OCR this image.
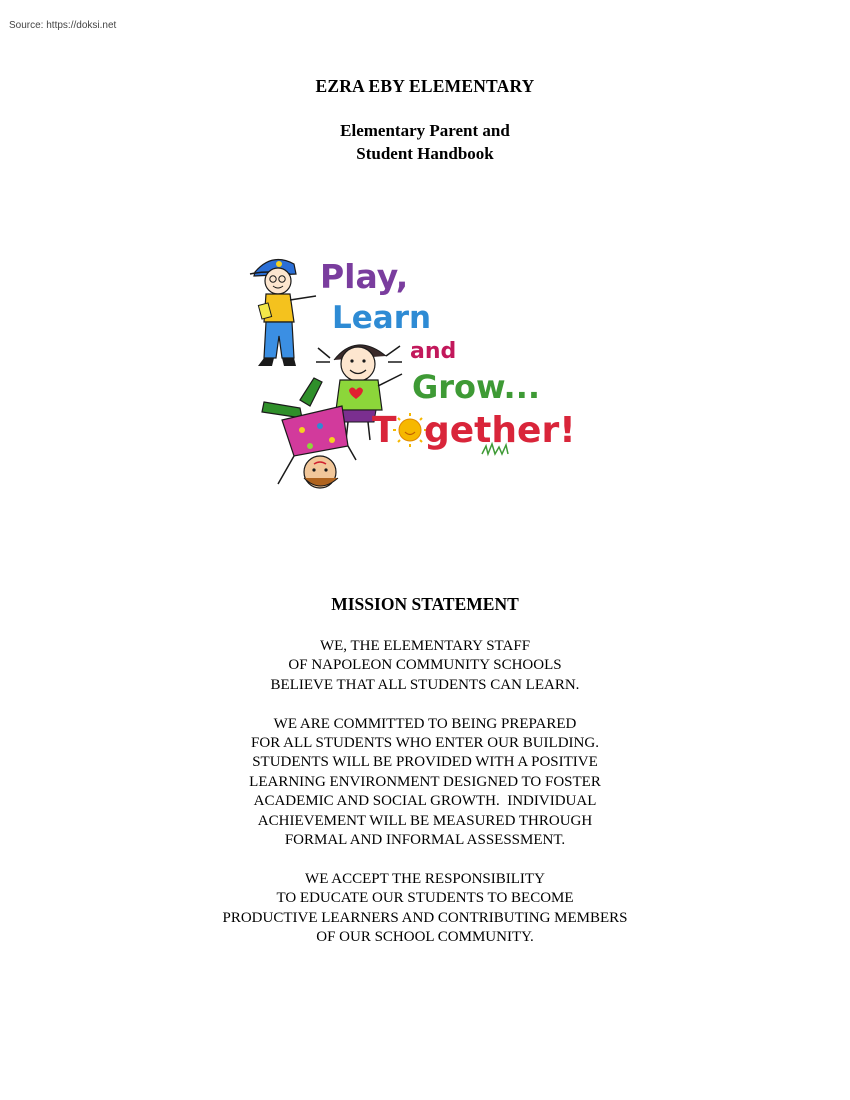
Source: https://doksi.net
EZRA EBY ELEMENTARY
Elementary Parent and
Student Handbook
Play,
Learn
and
Grow...
T gether!
MISSION STATEMENT
WE, THE ELEMENTARY STAFF
OF NAPOLEON COMMUNITY SCHOOLS
BELIEVE THAT ALL STUDENTS CAN LEARN.
WE ARE COMMITTED TO BEING PREPARED
FOR ALL STUDENTS WHO ENTER OUR BUILDING.
STUDENTS WILL BE PROVIDED WITH A POSITIVE
LEARNING ENVIRONMENT DESIGNED TO FOSTER
ACADEMIC AND SOCIAL GROWTH.  INDIVIDUAL
ACHIEVEMENT WILL BE MEASURED THROUGH
FORMAL AND INFORMAL ASSESSMENT.
WE ACCEPT THE RESPONSIBILITY
TO EDUCATE OUR STUDENTS TO BECOME
PRODUCTIVE LEARNERS AND CONTRIBUTING MEMBERS
OF OUR SCHOOL COMMUNITY.
